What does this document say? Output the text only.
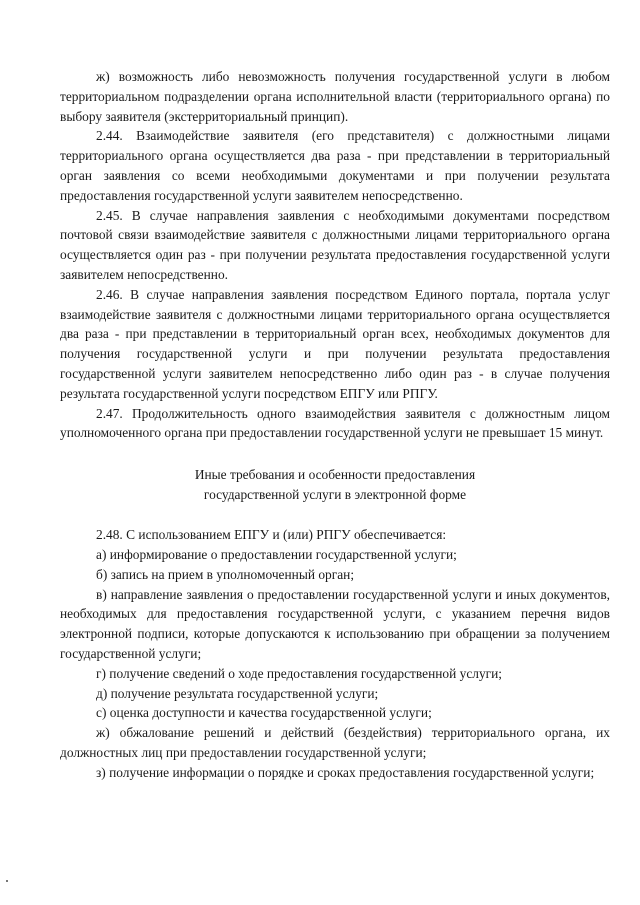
ж) возможность либо невозможность получения государственной услуги в любом территориальном подразделении органа исполнительной власти (территориального органа) по выбору заявителя (экстерриториальный принцип).

2.44. Взаимодействие заявителя (его представителя) с должностными лицами территориального органа осуществляется два раза - при представлении в территориальный орган заявления со всеми необходимыми документами и при получении результата предоставления государственной услуги заявителем непосредственно.

2.45. В случае направления заявления с необходимыми документами посредством почтовой связи взаимодействие заявителя с должностными лицами территориального органа осуществляется один раз - при получении результата предоставления государственной услуги заявителем непосредственно.

2.46. В случае направления заявления посредством Единого портала, портала услуг взаимодействие заявителя с должностными лицами территориального органа осуществляется два раза - при представлении в территориальный орган всех, необходимых документов для получения государственной услуги и при получении результата предоставления государственной услуги заявителем непосредственно либо один раз - в случае получения результата государственной услуги посредством ЕПГУ или РПГУ.

2.47. Продолжительность одного взаимодействия заявителя с должностным лицом уполномоченного органа при предоставлении государственной услуги не превышает 15 минут.

Иные требования и особенности предоставления
государственной услуги в электронной форме

2.48. С использованием ЕПГУ и (или) РПГУ обеспечивается:

а) информирование о предоставлении государственной услуги;

б) запись на прием в уполномоченный орган;

в) направление заявления о предоставлении государственной услуги и иных документов, необходимых для предоставления государственной услуги, с указанием перечня видов электронной подписи, которые допускаются к использованию при обращении за получением государственной услуги;

г) получение сведений о ходе предоставления государственной услуги;

д) получение результата государственной услуги;

с) оценка доступности и качества государственной услуги;

ж) обжалование решений и действий (бездействия) территориального органа, их должностных лиц при предоставлении государственной услуги;

з) получение информации о порядке и сроках предоставления государственной услуги;
